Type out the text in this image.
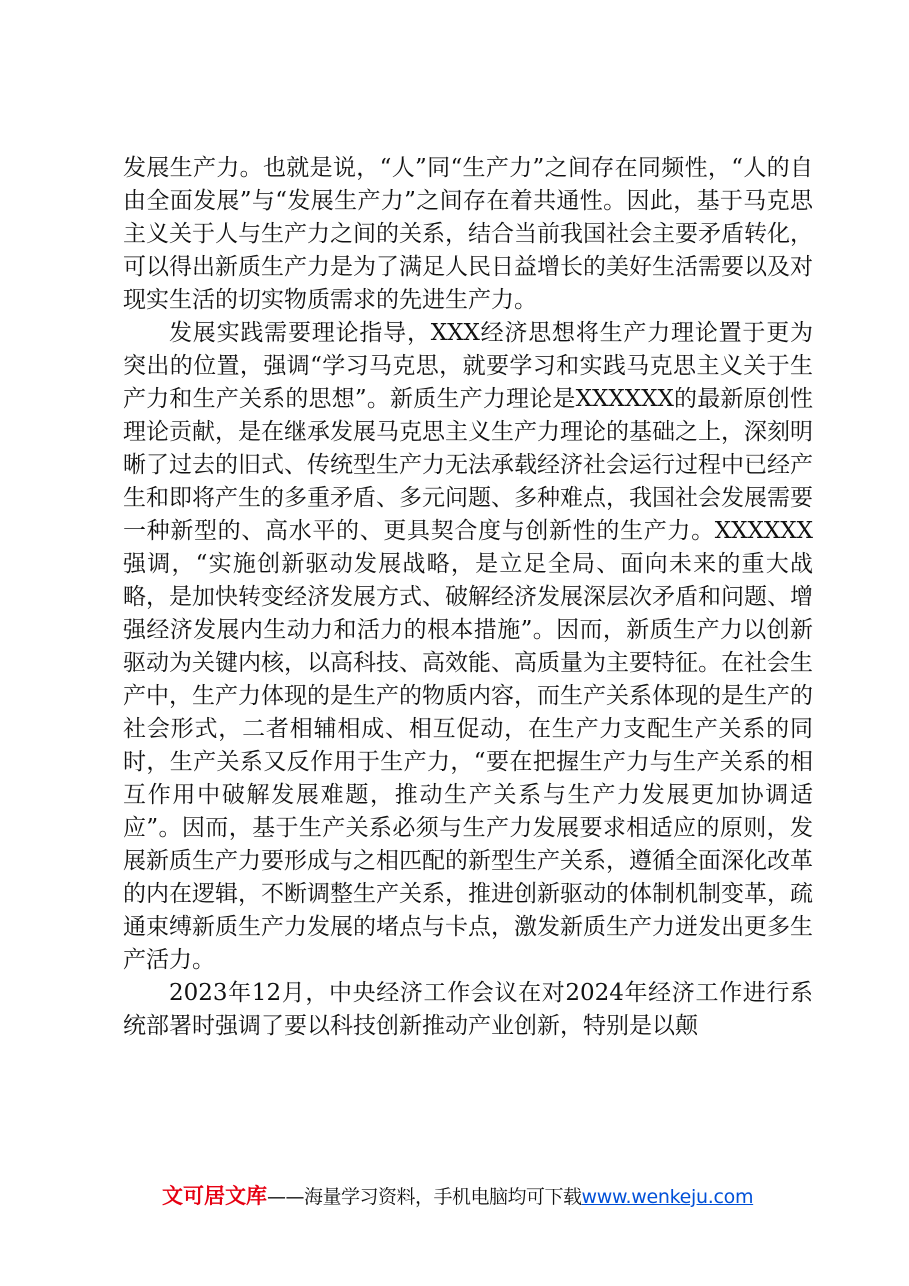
发展生产力。也就是说，“人”同“生产力”之间存在同频性，“人的自由全面发展”与“发展生产力”之间存在着共通性。因此，基于马克思主义关于人与生产力之间的关系，结合当前我国社会主要矛盾转化，可以得出新质生产力是为了满足人民日益增长的美好生活需要以及对现实生活的切实物质需求的先进生产力。

发展实践需要理论指导，XXX经济思想将生产力理论置于更为突出的位置，强调“学习马克思，就要学习和实践马克思主义关于生产力和生产关系的思想”。新质生产力理论是XXXXXX的最新原创性理论贡献，是在继承发展马克思主义生产力理论的基础之上，深刻明晰了过去的旧式、传统型生产力无法承载经济社会运行过程中已经产生和即将产生的多重矛盾、多元问题、多种难点，我国社会发展需要一种新型的、高水平的、更具契合度与创新性的生产力。XXXXXX强调，“实施创新驱动发展战略，是立足全局、面向未来的重大战略，是加快转变经济发展方式、破解经济发展深层次矛盾和问题、增强经济发展内生动力和活力的根本措施”。因而，新质生产力以创新驱动为关键内核，以高科技、高效能、高质量为主要特征。在社会生产中，生产力体现的是生产的物质内容，而生产关系体现的是生产的社会形式，二者相辅相成、相互促动，在生产力支配生产关系的同时，生产关系又反作用于生产力，“要在把握生产力与生产关系的相互作用中破解发展难题，推动生产关系与生产力发展更加协调适应”。因而，基于生产关系必须与生产力发展要求相适应的原则，发展新质生产力要形成与之相匹配的新型生产关系，遵循全面深化改革的内在逻辑，不断调整生产关系，推进创新驱动的体制机制变革，疏通束缚新质生产力发展的堵点与卡点，激发新质生产力迸发出更多生产活力。

2023年12月，中央经济工作会议在对2024年经济工作进行系统部署时强调了要以科技创新推动产业创新，特别是以颠

文可居文库——海量学习资料，手机电脑均可下载www.wenkeju.com
